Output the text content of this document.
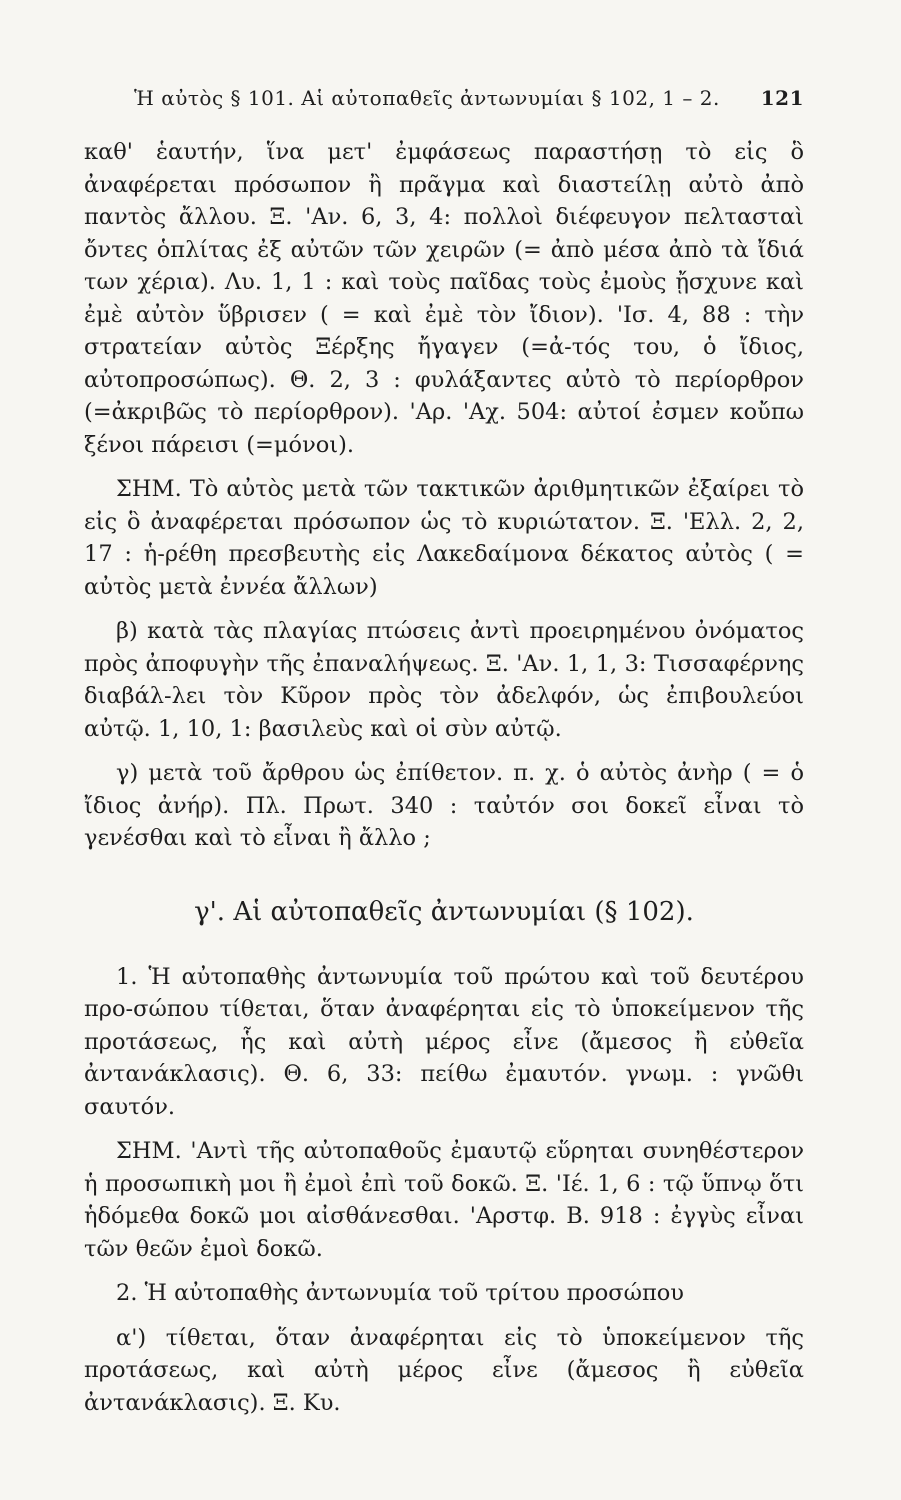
Ἡ αὐτὸς § 101. Αἱ αὐτοπαθεῖς ἀντωνυμίαι § 102, 1 – 2. 121

καθ' ἑαυτήν, ἵνα μετ' ἐμφάσεως παραστήσῃ τὸ εἰς ὃ ἀναφέρεται πρόσωπον ἢ πρᾶγμα καὶ διαστείλῃ αὐτὸ ἀπὸ παντὸς ἄλλου. Ξ. 'Αν. 6, 3, 4: πολλοὶ διέφευγον πελτασταὶ ὄντες ὁπλίτας ἐξ αὐτῶν τῶν χειρῶν (= ἀπὸ μέσα ἀπὸ τὰ ἴδιά των χέρια). Λυ. 1, 1 : καὶ τοὺς παῖδας τοὺς ἐμοὺς ᾔσχυνε καὶ ἐμὲ αὐτὸν ὕβρισεν ( = καὶ ἐμὲ τὸν ἴδιον). 'Ισ. 4, 88 : τὴν στρατείαν αὐτὸς Ξέρξης ἤγαγεν (=ἀ-τός του, ὁ ἴδιος, αὐτοπροσώπως). Θ. 2, 3 : φυλάξαντες αὐτὸ τὸ περίορθρον (=ἀκριβῶς τὸ περίορθρον). 'Αρ. 'Αχ. 504: αὐτοί ἐσμεν κοὔπω ξένοι πάρεισι (=μόνοι).

ΣΗΜ. Τὸ αὐτὸς μετὰ τῶν τακτικῶν ἀριθμητικῶν ἐξαίρει τὸ εἰς ὃ ἀναφέρεται πρόσωπον ὡς τὸ κυριώτατον. Ξ. 'Ελλ. 2, 2, 17 : ἡ-ρέθη πρεσβευτὴς εἰς Λακεδαίμονα δέκατος αὐτὸς ( = αὐτὸς μετὰ ἐννέα ἄλλων)

β) κατὰ τὰς πλαγίας πτώσεις ἀντὶ προειρημένου ὀνόματος πρὸς ἀποφυγὴν τῆς ἐπαναλήψεως. Ξ. 'Αν. 1, 1, 3: Τισσαφέρνης διαβάλ-λει τὸν Κῦρον πρὸς τὸν ἀδελφόν, ὡς ἐπιβουλεύοι αὐτῷ. 1, 10, 1: βασιλεὺς καὶ οἱ σὺν αὐτῷ.

γ) μετὰ τοῦ ἄρθρου ὡς ἐπίθετον. π. χ. ὁ αὐτὸς ἀνὴρ ( = ὁ ἴδιος ἀνήρ). Πλ. Πρωτ. 340 : ταὐτόν σοι δοκεῖ εἶναι τὸ γενέσθαι καὶ τὸ εἶναι ἢ ἄλλο ;

γ'. Αἱ αὐτοπαθεῖς ἀντωνυμίαι (§ 102).

1. Ἡ αὐτοπαθὴς ἀντωνυμία τοῦ πρώτου καὶ τοῦ δευτέρου προ-σώπου τίθεται, ὅταν ἀναφέρηται εἰς τὸ ὑποκείμενον τῆς προτάσεως, ἧς καὶ αὐτὴ μέρος εἶνε (ἄμεσος ἢ εὐθεῖα ἀντανάκλασις). Θ. 6, 33: πείθω ἐμαυτόν. γνωμ. : γνῶθι σαυτόν.

ΣΗΜ. 'Αντὶ τῆς αὐτοπαθοῦς ἐμαυτῷ εὕρηται συνηθέστερον ἡ προσωπικὴ μοι ἢ ἐμοὶ ἐπὶ τοῦ δοκῶ. Ξ. 'Ιέ. 1, 6 : τῷ ὕπνῳ ὅτι ἡδόμεθα δοκῶ μοι αἰσθάνεσθαι. 'Αρστφ. Β. 918 : ἐγγὺς εἶναι τῶν θεῶν ἐμοὶ δοκῶ.

2. Ἡ αὐτοπαθὴς ἀντωνυμία τοῦ τρίτου προσώπου

α') τίθεται, ὅταν ἀναφέρηται εἰς τὸ ὑποκείμενον τῆς προτάσεως, καὶ αὐτὴ μέρος εἶνε (ἄμεσος ἢ εὐθεῖα ἀντανάκλασις). Ξ. Κυ.
